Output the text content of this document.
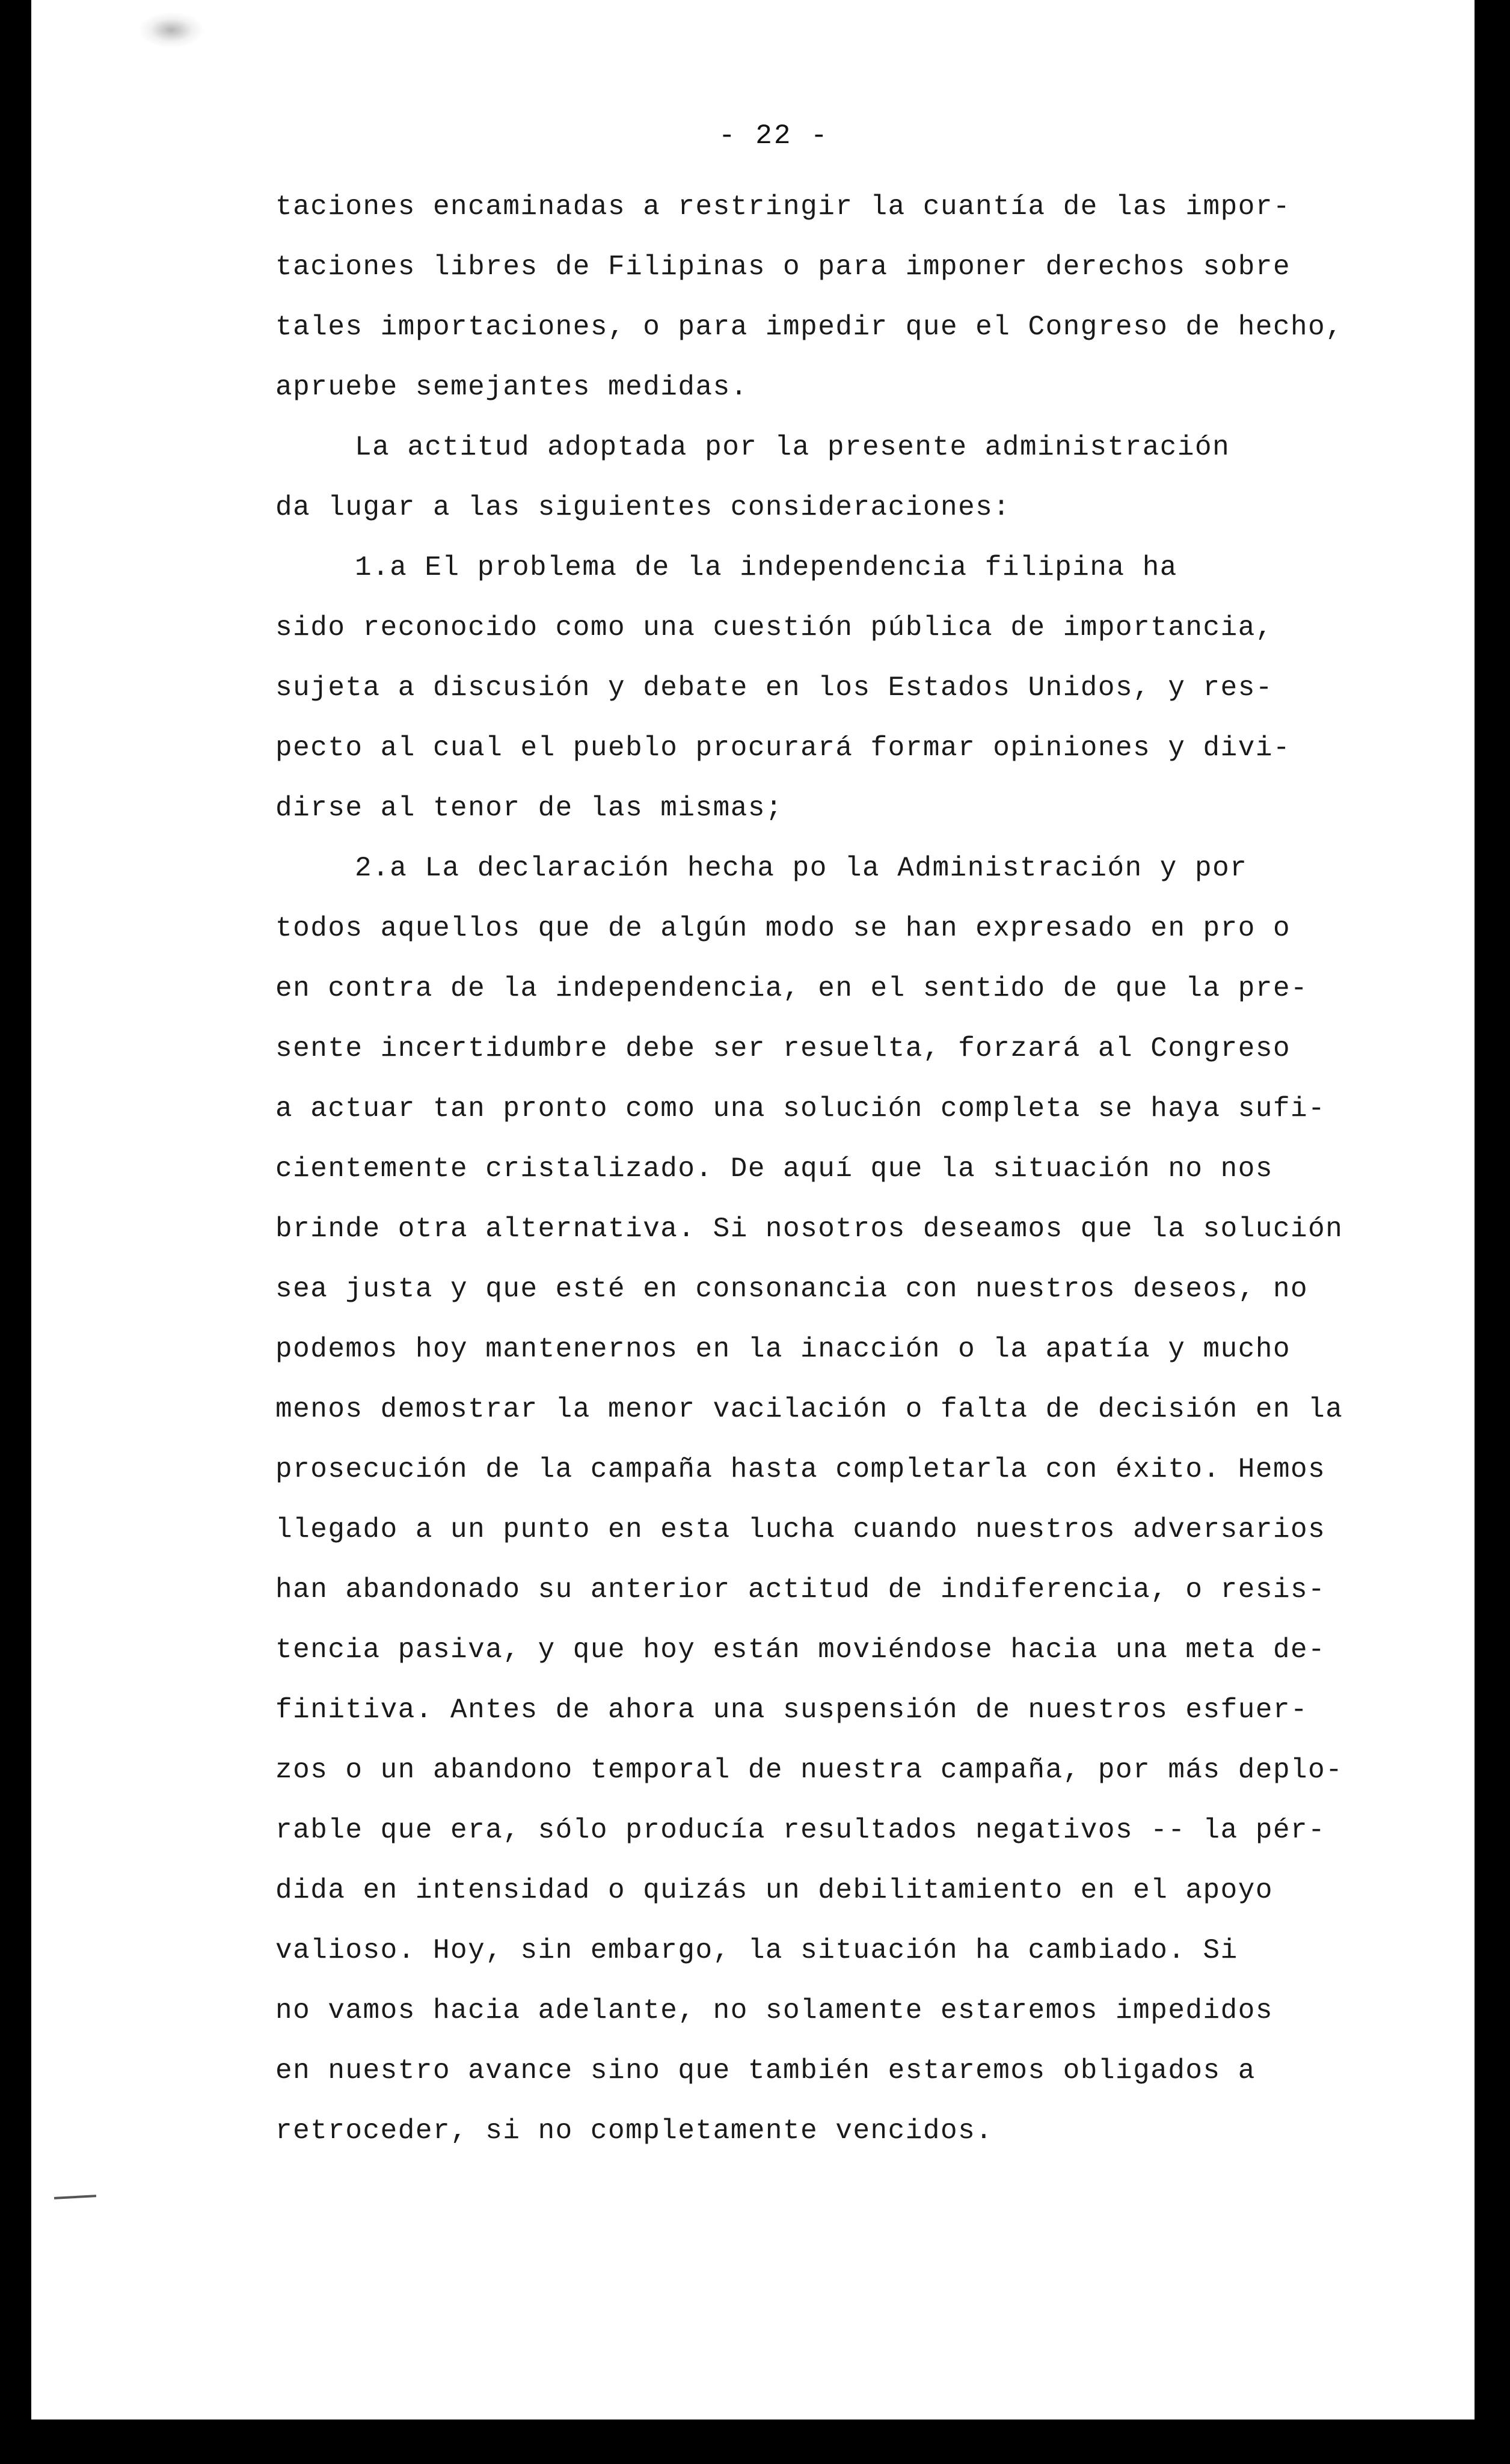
- 22 -
taciones encaminadas a restringir la cuantía de las impor-
taciones libres de Filipinas o para imponer derechos sobre
tales importaciones, o para impedir que el Congreso de hecho,
apruebe semejantes medidas.
La actitud adoptada por la presente administración
da lugar a las siguientes consideraciones:
1.a El problema de la independencia filipina ha
sido reconocido como una cuestión pública de importancia,
sujeta a discusión y debate en los Estados Unidos, y res-
pecto al cual el pueblo procurará formar opiniones y divi-
dirse al tenor de las mismas;
2.a La declaración hecha po la Administración y por
todos aquellos que de algún modo se han expresado en pro o
en contra de la independencia, en el sentido de que la pre-
sente incertidumbre debe ser resuelta, forzará al Congreso
a actuar tan pronto como una solución completa se haya sufi-
cientemente cristalizado. De aquí que la situación no nos
brinde otra alternativa. Si nosotros deseamos que la solución
sea justa y que esté en consonancia con nuestros deseos, no
podemos hoy mantenernos en la inacción o la apatía y mucho
menos demostrar la menor vacilación o falta de decisión en la
prosecución de la campaña hasta completarla con éxito. Hemos
llegado a un punto en esta lucha cuando nuestros adversarios
han abandonado su anterior actitud de indiferencia, o resis-
tencia pasiva, y que hoy están moviéndose hacia una meta de-
finitiva. Antes de ahora una suspensión de nuestros esfuer-
zos o un abandono temporal de nuestra campaña, por más deplo-
rable que era, sólo producía resultados negativos -- la pér-
dida en intensidad o quizás un debilitamiento en el apoyo
valioso. Hoy, sin embargo, la situación ha cambiado. Si
no vamos hacia adelante, no solamente estaremos impedidos
en nuestro avance sino que también estaremos obligados a
retroceder, si no completamente vencidos.
